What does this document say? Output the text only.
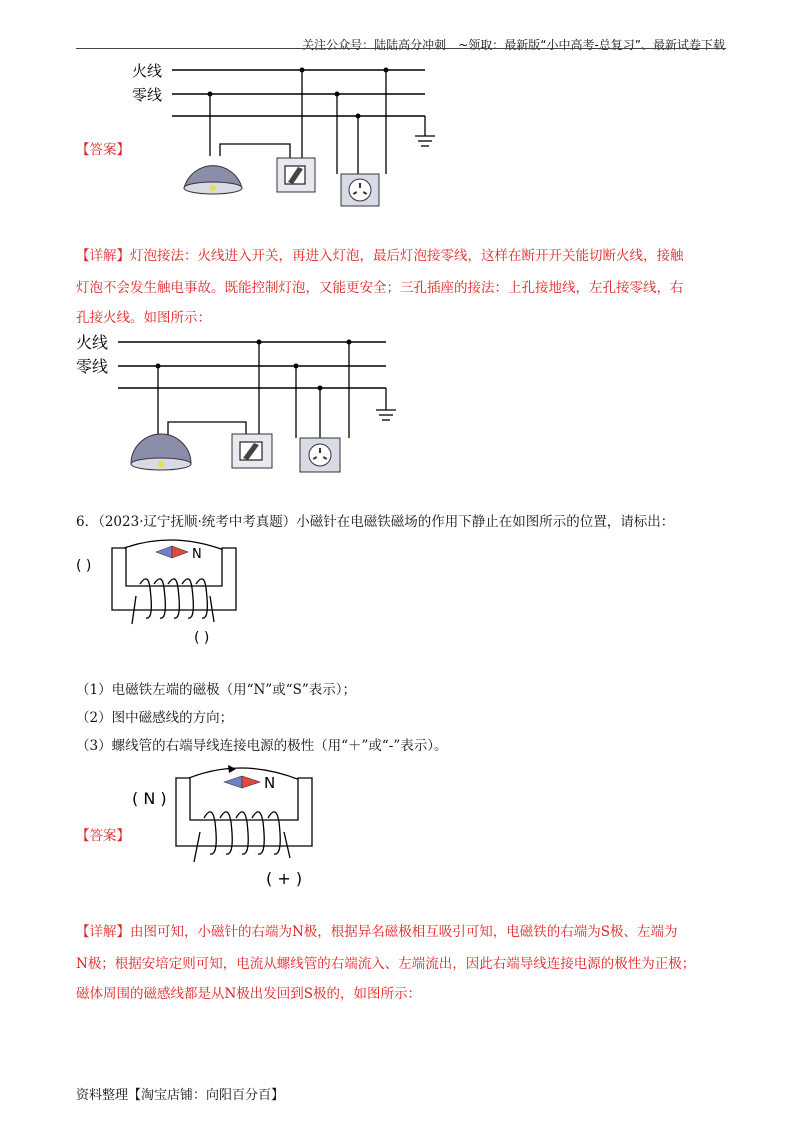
关注公众号：陆陆高分冲刺　~领取：最新版“小中高考-总复习”、最新试卷下载
火线
零线
【答案】
【详解】灯泡接法：火线进入开关，再进入灯泡，最后灯泡接零线，这样在断开开关能切断火线，接触
灯泡不会发生触电事故。既能控制灯泡，又能更安全；三孔插座的接法：上孔接地线，左孔接零线，右
孔接火线。如图所示：
火线
零线
6．（2023·辽宁抚顺·统考中考真题）小磁针在电磁铁磁场的作用下静止在如图所示的位置，请标出：
( )
N
( )
（1）电磁铁左端的磁极（用“N”或“S”表示）；
（2）图中磁感线的方向；
（3）螺线管的右端导线连接电源的极性（用“＋”或“-”表示）。
【答案】
( N )
N
( + )
【详解】由图可知，小磁针的右端为N极，根据异名磁极相互吸引可知，电磁铁的右端为S极、左端为
N极；根据安培定则可知，电流从螺线管的右端流入、左端流出，因此右端导线连接电源的极性为正极；
磁体周围的磁感线都是从N极出发回到S极的，如图所示：
资料整理【淘宝店铺：向阳百分百】
